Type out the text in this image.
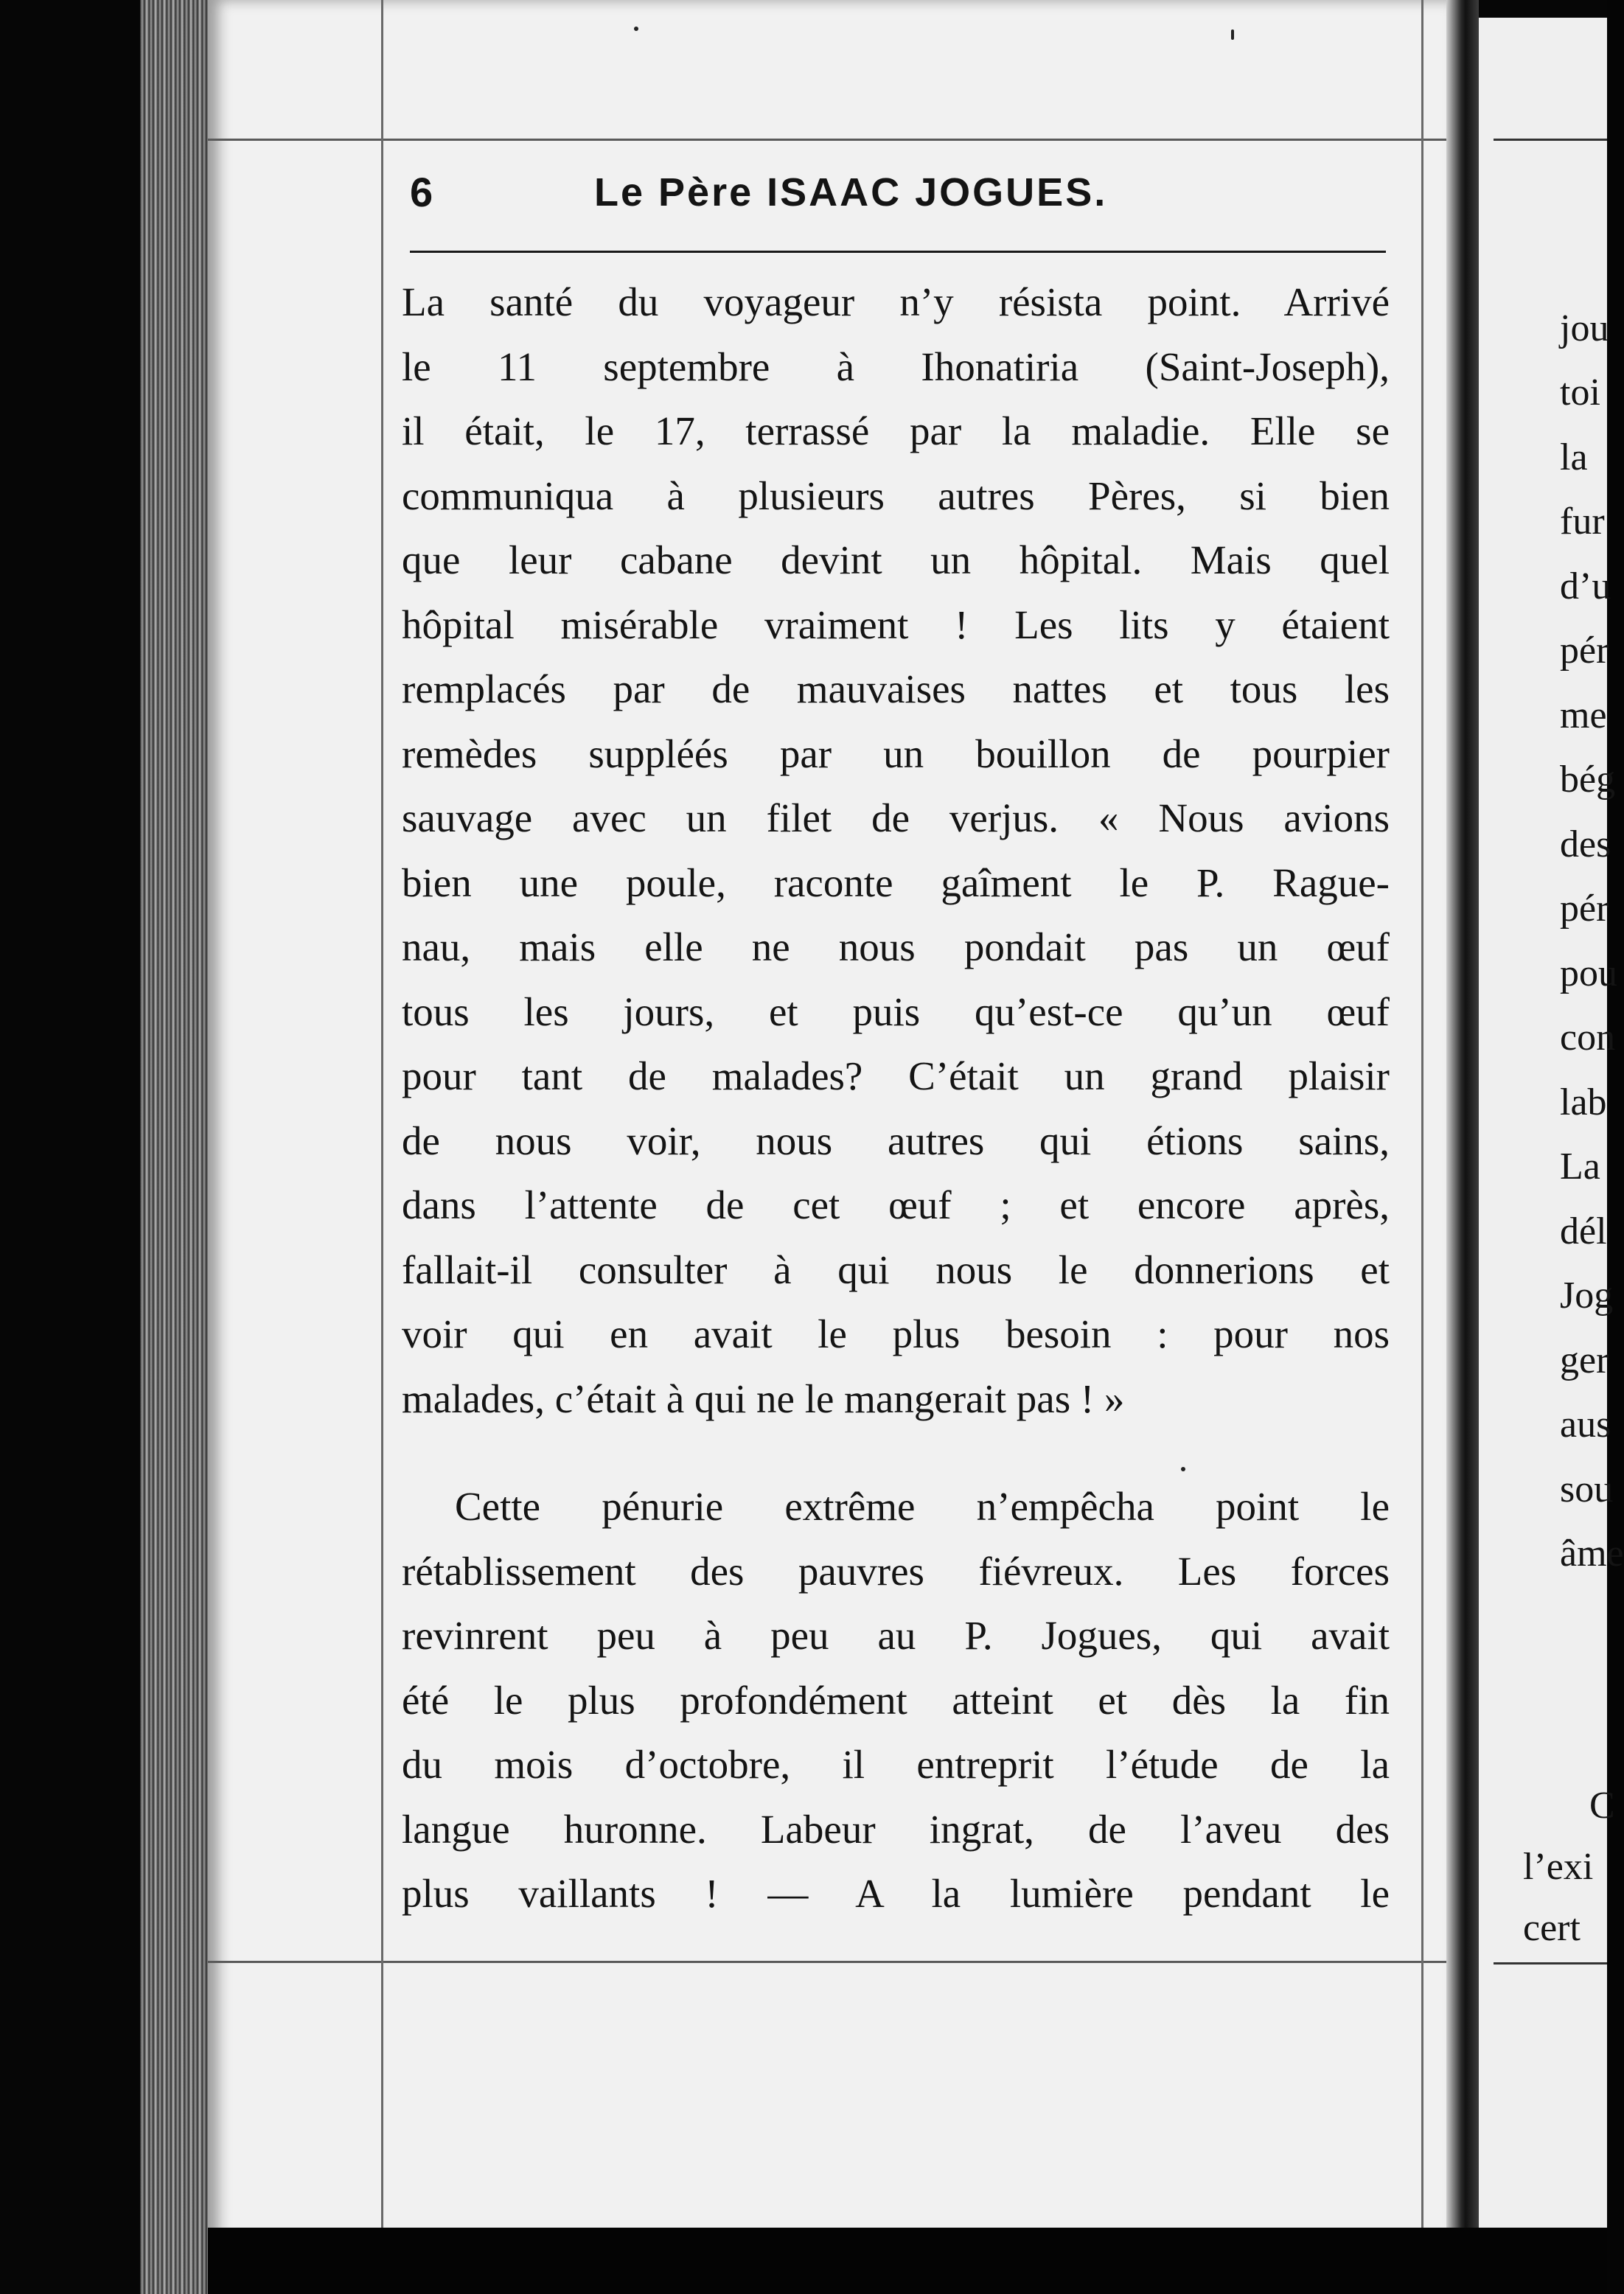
jou
toi
la
fur
d’u
pér
me
bég
des
pér
pou
con
lab
La
dél
Jog
ger
aus
sou
âme
C
l’exi
cert
6	Le Père ISAAC JOGUES.
La santé du voyageur n’y résista point. Arrivé
le 11 septembre à Ihonatiria (Saint-Joseph),
il était, le 17, terrassé par la maladie. Elle se
communiqua à plusieurs autres Pères, si bien
que leur cabane devint un hôpital. Mais quel
hôpital misérable vraiment ! Les lits y étaient
remplacés par de mauvaises nattes et tous les
remèdes suppléés par un bouillon de pourpier
sauvage avec un filet de verjus. « Nous avions
bien une poule, raconte gaîment le P. Rague-
nau, mais elle ne nous pondait pas un œuf
tous les jours, et puis qu’est-ce qu’un œuf
pour tant de malades? C’était un grand plaisir
de nous voir, nous autres qui étions sains,
dans l’attente de cet œuf ; et encore après,
fallait-il consulter à qui nous le donnerions et
voir qui en avait le plus besoin : pour nos
malades, c’était à qui ne le mangerait pas ! »
Cette pénurie extrême n’empêcha point le
rétablissement des pauvres fiévreux. Les forces
revinrent peu à peu au P. Jogues, qui avait
été le plus profondément atteint et dès la fin
du mois d’octobre, il entreprit l’étude de la
langue huronne. Labeur ingrat, de l’aveu des
plus vaillants ! — A la lumière pendant le
